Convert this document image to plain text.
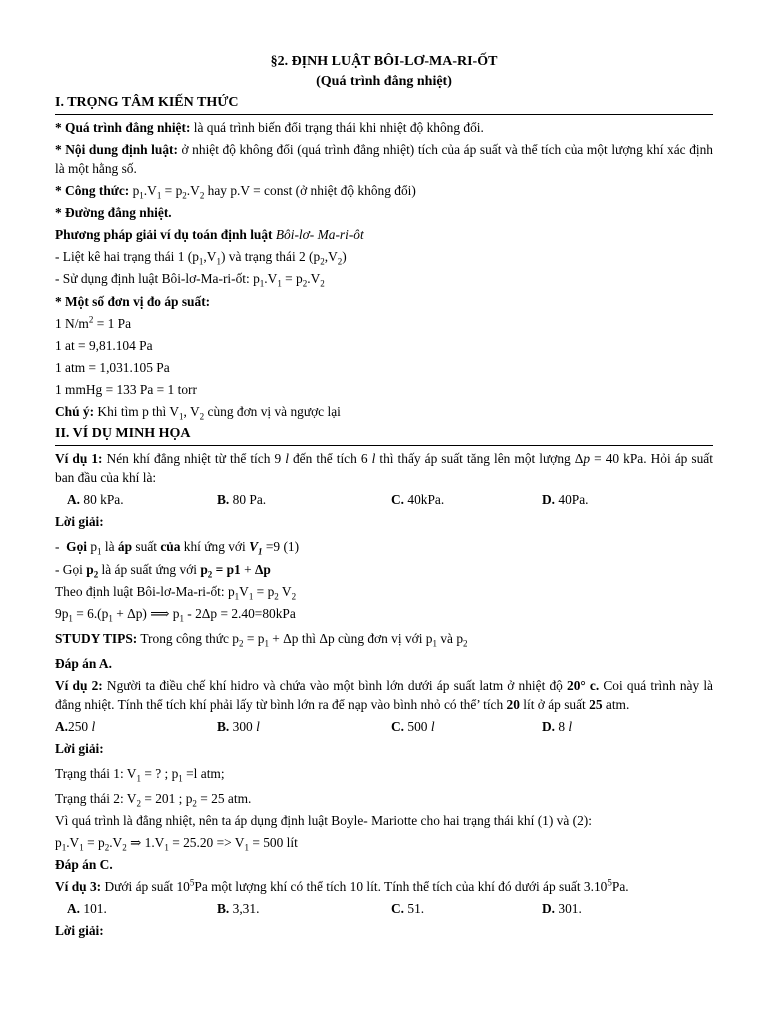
§2. ĐỊNH LUẬT BÔI-LƠ-MA-RI-ỐT
(Quá trình đẳng nhiệt)
I. TRỌNG TÂM KIẾN THỨC
* Quá trình đẳng nhiệt: là quá trình biến đổi trạng thái khi nhiệt độ không đổi.
* Nội dung định luật: ở nhiệt độ không đổi (quá trình đẳng nhiệt) tích của áp suất và thể tích của một lượng khí xác định là một hằng số.
* Công thức: $p_1.V_1 = p_2.V_2$ hay p.V = const (ở nhiệt độ không đổi)
* Đường đẳng nhiệt.
Phương pháp giải ví dụ toán định luật Bôi-lơ- Ma-ri-ôt
- Liệt kê hai trạng thái 1 $(p_1,V_1)$ và trạng thái 2 $(p_2,V_2)$
- Sử dụng định luật Bôi-lơ-Ma-ri-ốt: $p_1.V_1 = p_2.V_2$
* Một số đơn vị đo áp suất:
1 $N/m^2 = 1$ Pa
1 at = 9,81.104 Pa
1 atm = 1,031.105 Pa
1 mmHg = 133 Pa = 1 torr
Chú ý: Khi tìm p thì $V_1$, $V_2$ cùng đơn vị và ngược lại
II. VÍ DỤ MINH HỌA
Ví dụ 1: Nén khí đẳng nhiệt từ thể tích 9 l đến thể tích 6 l thì thấy áp suất tăng lên một lượng Δp = 40 kPa. Hỏi áp suất ban đầu của khí là:
A. 80 kPa.	B. 80 Pa.	C. 40kPa.	D. 40Pa.
Lời giải:
-  Gọi $p_1$ là áp suất của khí ứng với $V_1 =9$ (1)
- Gọi $p_2$ là áp suất ứng với $p_2 = p1 + \Delta p$
Theo định luật Bôi-lơ-Ma-ri-ốt: $p_1V_1 = p_2$ $V_2$
$9p_1 = 6.(p_1 + \Delta p)$ ⟹ $p_1 - 2\Delta p = 2.40=80kPa$
STUDY TIPS: Trong công thức $p_2 = p_1 + \Delta p$ thì Δp cùng đơn vị với $p_1$ và $p_2$
Đáp án A.
Ví dụ 2: Người ta điều chế khí hidro và chứa vào một bình lớn dưới áp suất latm ở nhiệt độ 20° c. Coi quá trình này là đẳng nhiệt. Tính thể tích khí phải lấy từ bình lớn ra để nạp vào bình nhỏ có thể’ tích 20 lít ở áp suất 25 atm.
A.250 l	B. 300 l	C. 500 l	D. 8 l
Lời giải:
Trạng thái 1: $V_1$ = ? ; $p_1 =l$ atm;
Trạng thái 2: $V_2 = 201$ ; $p_2 = 25$ atm.
Vì quá trình là đẳng nhiệt, nên ta áp dụng định luật Boyle- Mariotte cho hai trạng thái khí (1) và (2):
$p_1.V_1 = p_2.V_2$ ⇒ $1.V_1 = 25.20 => V_1 = 500$ lít
Đáp án C.
Ví dụ 3: Dưới áp suất $10^5Pa$ một lượng khí có thể tích 10 lít. Tính thể tích của khí đó dưới áp suất 3.10$^5$Pa.
A. 101.	B. 3,31.	C. 51.	D. 301.
Lời giải:
